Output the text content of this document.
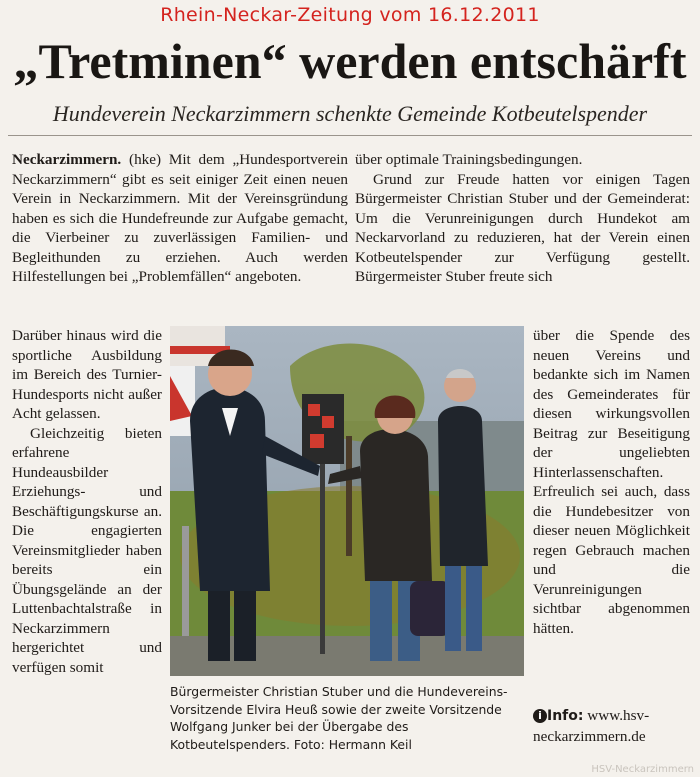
Rhein-Neckar-Zeitung vom 16.12.2011
„Tretminen“ werden entschärft
Hundeverein Neckarzimmern schenkte Gemeinde Kotbeutelspender

Neckarzimmern. (hke) Mit dem „Hundesportverein Neckarzimmern“ gibt es seit einiger Zeit einen neuen Verein in Neckarzimmern. Mit der Vereinsgründung haben es sich die Hundefreunde zur Aufgabe gemacht, die Vierbeiner zu zuverlässigen Familien- und Begleithunden zu erziehen. Auch werden Hilfestellungen bei „Problemfällen“ angeboten.

Darüber hinaus wird die sportliche Ausbildung im Bereich des Turnier-Hundesports nicht außer Acht gelassen.

Gleichzeitig bieten erfahrene Hundeausbilder Erziehungs- und Beschäftigungskurse an. Die engagierten Vereinsmitglieder haben bereits ein Übungsgelände an der Luttenbachtalstraße in Neckarzimmern hergerichtet und verfügen somit

über optimale Trainingsbedingungen.

Grund zur Freude hatten vor einigen Tagen Bürgermeister Christian Stuber und der Gemeinderat: Um die Verunreinigungen durch Hundekot am Neckarvorland zu reduzieren, hat der Verein einen Kotbeutelspender zur Verfügung gestellt. Bürgermeister Stuber freute sich

über die Spende des neuen Vereins und bedankte sich im Namen des Gemeinderates für diesen wirkungsvollen Beitrag zur Beseitigung der ungeliebten Hinterlassenschaften. Erfreulich sei auch, dass die Hundebesitzer von dieser neuen Möglichkeit regen Gebrauch machen und die Verunreinigungen sichtbar abgenommen hätten.

Bürgermeister Christian Stuber und die Hundevereins-Vorsitzende Elvira Heuß sowie der zweite Vorsitzende Wolfgang Junker bei der Übergabe des Kotbeutelspenders. Foto: Hermann Keil
i Info: www.hsv-neckarzimmern.de
HSV-Neckarzimmern
